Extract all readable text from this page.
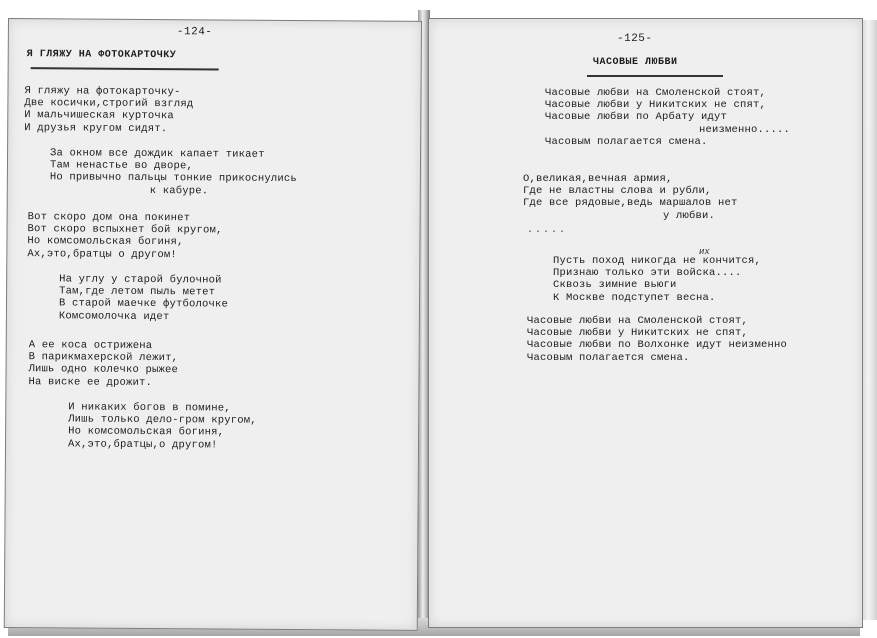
-124-
Я ГЛЯЖУ НА ФОТОКАРТОЧКУ
Я гляжу на фотокарточку-
Две косички,строгий взгляд
И мальчишеская курточка
И друзья кругом сидят.
За окном все дождик капает тикает
Там ненастье во дворе,
Но привычно пальцы тонкие прикоснулись
к кабуре.
Вот скоро дом она покинет
Вот скоро вспыхнет бой кругом,
Но комсомольская богиня,
Ах,это,братцы о другом!
На углу у старой булочной
Там,где летом пыль метет
В старой маечке футболочке
Комсомолочка идет
А ее коса острижена
В парикмахерской лежит,
Лишь одно колечко рыжее
На виске ее дрожит.
И никаких богов в помине,
Лишь только дело-гром кругом,
Но комсомольская богиня,
Ах,это,братцы,о другом!
-125-
ЧАСОВЫЕ ЛЮБВИ
Часовые любви на Смоленской стоят,
Часовые любви у Никитских не спят,
Часовые любви по Арбату идут
неизменно.....
Часовым полагается смена.
О,великая,вечная армия,
Где не властны слова и рубли,
Где все рядовые,ведь маршалов нет
у любви.
.....
их
Пусть поход никогда не кончится,
Признаю только эти войска....
Сквозь зимние вьюги
К Москве подступет весна.
Часовые любви на Смоленской стоят,
Часовые любви у Никитских не спят,
Часовые любви по Волхонке идут неизменно
Часовым полагается смена.
